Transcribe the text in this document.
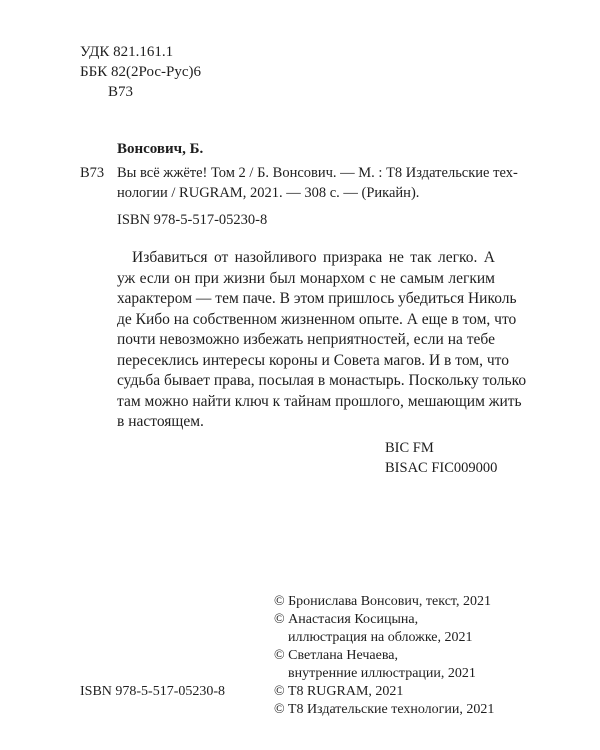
УДК 821.161.1
ББК 82(2Рос-Рус)6
В73
Вонсович, Б.
В73 Вы всё жжёте! Том 2 / Б. Вонсович. — М. : T8 Издательские тех-
нологии / RUGRAM, 2021. — 308 с. — (Рикайн).
ISBN 978-5-517-05230-8
Избавиться от назойливого призрака не так легко. А
уж если он при жизни был монархом с не самым легким
характером — тем паче. В этом пришлось убедиться Николь
де Кибо на собственном жизненном опыте. А еще в том, что
почти невозможно избежать неприятностей, если на тебе
пересеклись интересы короны и Совета магов. И в том, что
судьба бывает права, посылая в монастырь. Поскольку только
там можно найти ключ к тайнам прошлого, мешающим жить
в настоящем.
BIC FM
BISAC FIC009000
ISBN 978-5-517-05230-8
© Бронислава Вонсович, текст, 2021
© Анастасия Косицына,
иллюстрация на обложке, 2021
© Светлана Нечаева,
внутренние иллюстрации, 2021
© T8 RUGRAM, 2021
© T8 Издательские технологии, 2021
